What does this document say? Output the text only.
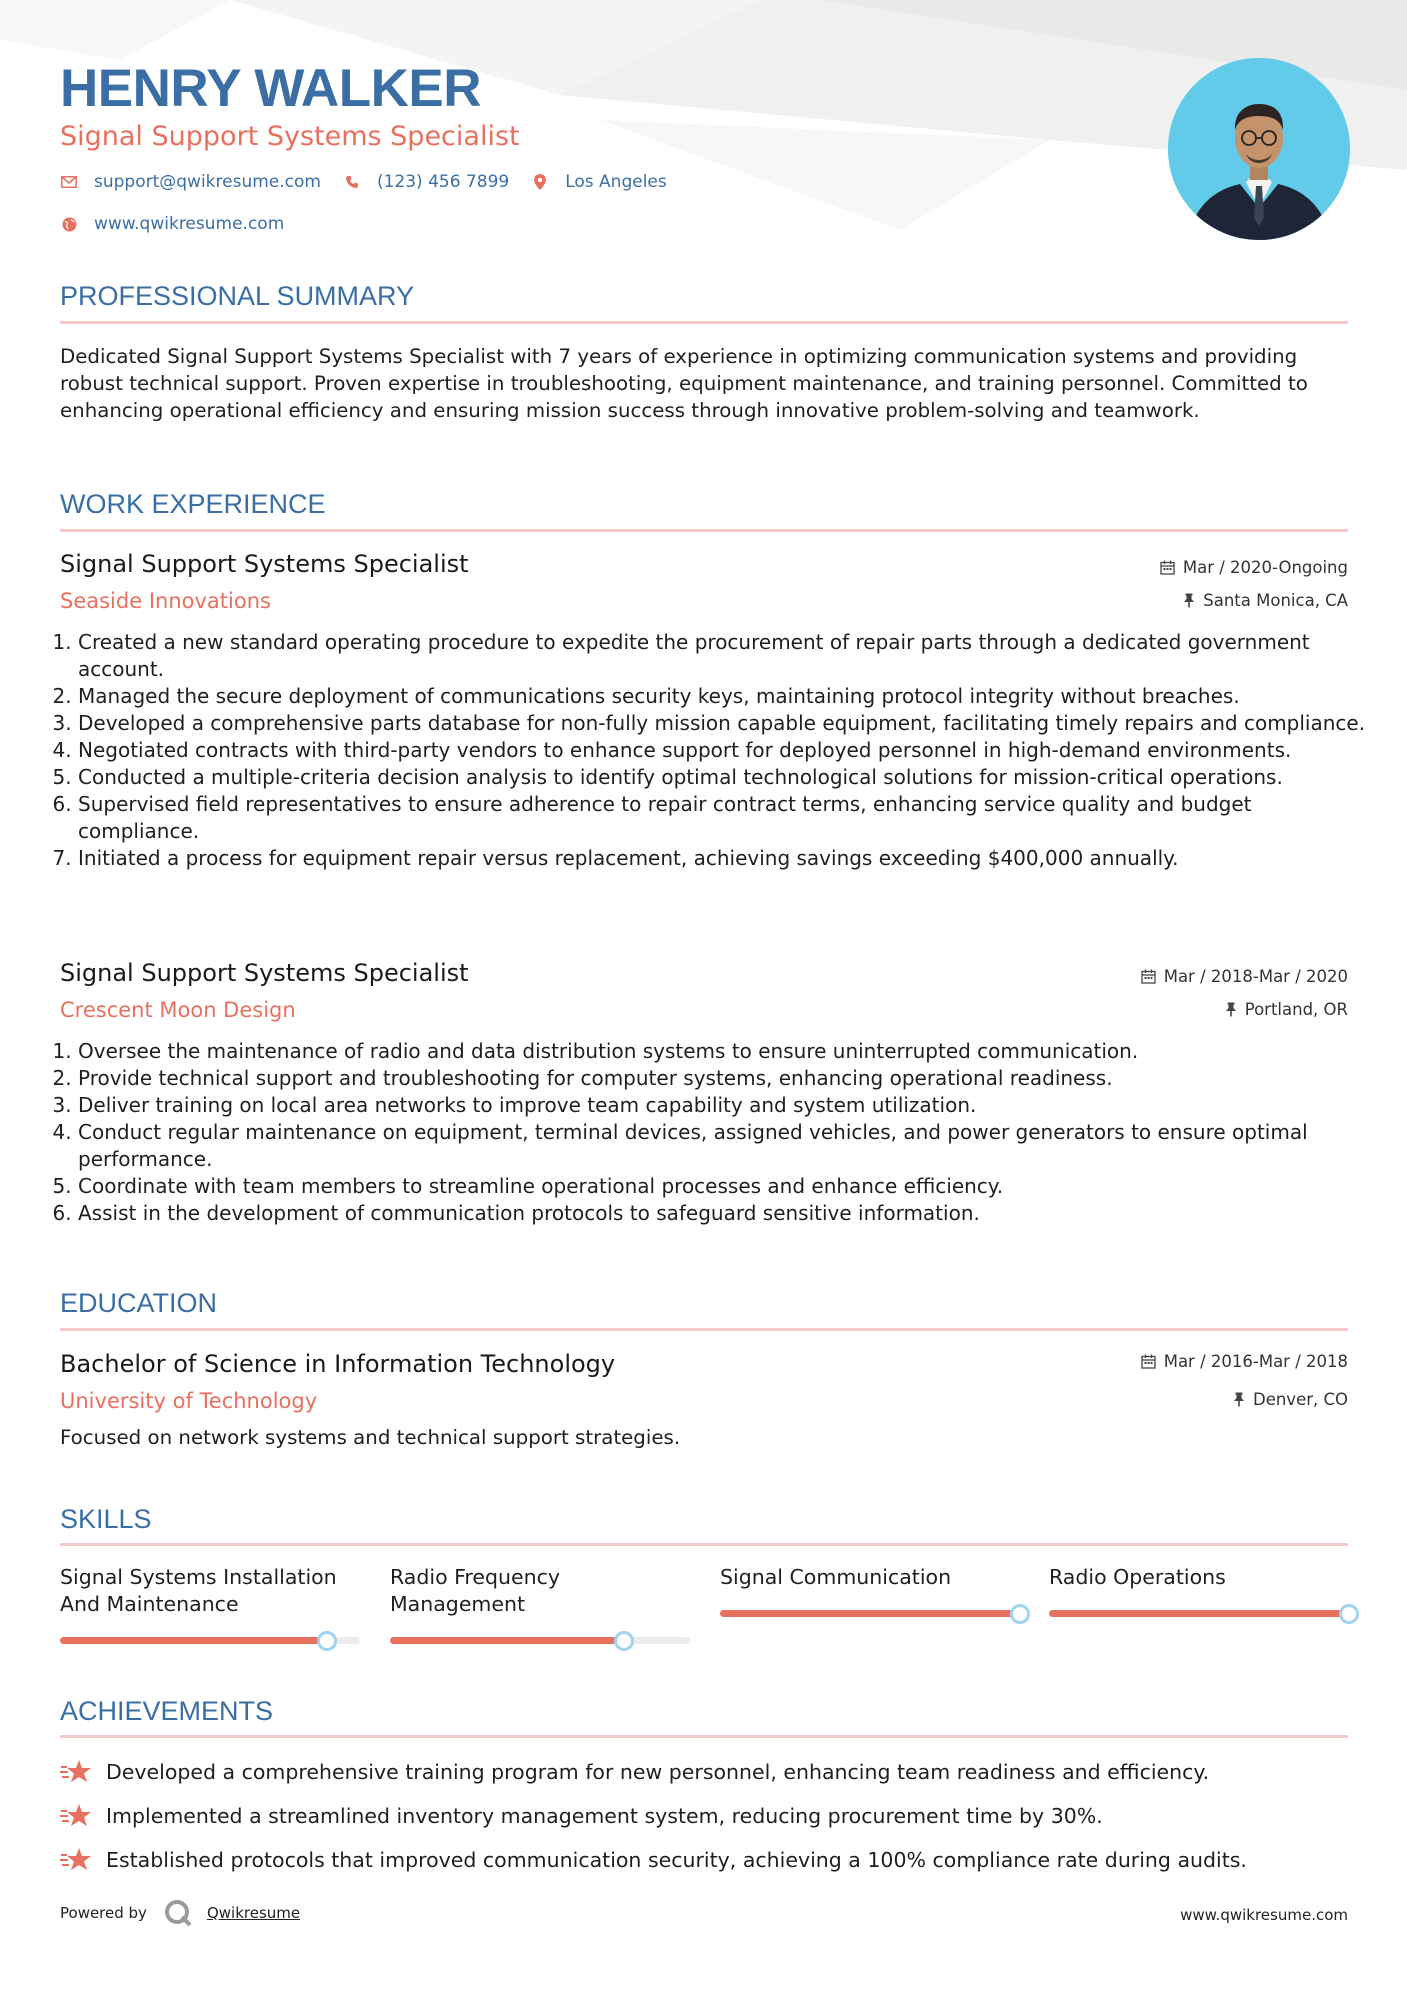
HENRY WALKER
Signal Support Systems Specialist
support@qwikresume.com	(123) 456 7899	Los Angeles
www.qwikresume.com
PROFESSIONAL SUMMARY

Dedicated Signal Support Systems Specialist with 7 years of experience in optimizing communication systems and providing robust technical support. Proven expertise in troubleshooting, equipment maintenance, and training personnel. Committed to enhancing operational efficiency and ensuring mission success through innovative problem-solving and teamwork.

WORK EXPERIENCE
Signal Support Systems Specialist	Mar / 2020-Ongoing
Seaside Innovations	Santa Monica, CA
1. Created a new standard operating procedure to expedite the procurement of repair parts through a dedicated government account.
2. Managed the secure deployment of communications security keys, maintaining protocol integrity without breaches.
3. Developed a comprehensive parts database for non-fully mission capable equipment, facilitating timely repairs and compliance.
4. Negotiated contracts with third-party vendors to enhance support for deployed personnel in high-demand environments.
5. Conducted a multiple-criteria decision analysis to identify optimal technological solutions for mission-critical operations.
6. Supervised field representatives to ensure adherence to repair contract terms, enhancing service quality and budget compliance.
7. Initiated a process for equipment repair versus replacement, achieving savings exceeding $400,000 annually.
Signal Support Systems Specialist	Mar / 2018-Mar / 2020
Crescent Moon Design	Portland, OR
1. Oversee the maintenance of radio and data distribution systems to ensure uninterrupted communication.
2. Provide technical support and troubleshooting for computer systems, enhancing operational readiness.
3. Deliver training on local area networks to improve team capability and system utilization.
4. Conduct regular maintenance on equipment, terminal devices, assigned vehicles, and power generators to ensure optimal performance.
5. Coordinate with team members to streamline operational processes and enhance efficiency.
6. Assist in the development of communication protocols to safeguard sensitive information.
EDUCATION
Bachelor of Science in Information Technology	Mar / 2016-Mar / 2018
University of Technology	Denver, CO

Focused on network systems and technical support strategies.

SKILLS
Signal Systems Installation And Maintenance
Radio Frequency Management
Signal Communication	Radio Operations
ACHIEVEMENTS
Developed a comprehensive training program for new personnel, enhancing team readiness and efficiency.
Implemented a streamlined inventory management system, reducing procurement time by 30%.
Established protocols that improved communication security, achieving a 100% compliance rate during audits.
Powered by	Qwikresume	www.qwikresume.com
